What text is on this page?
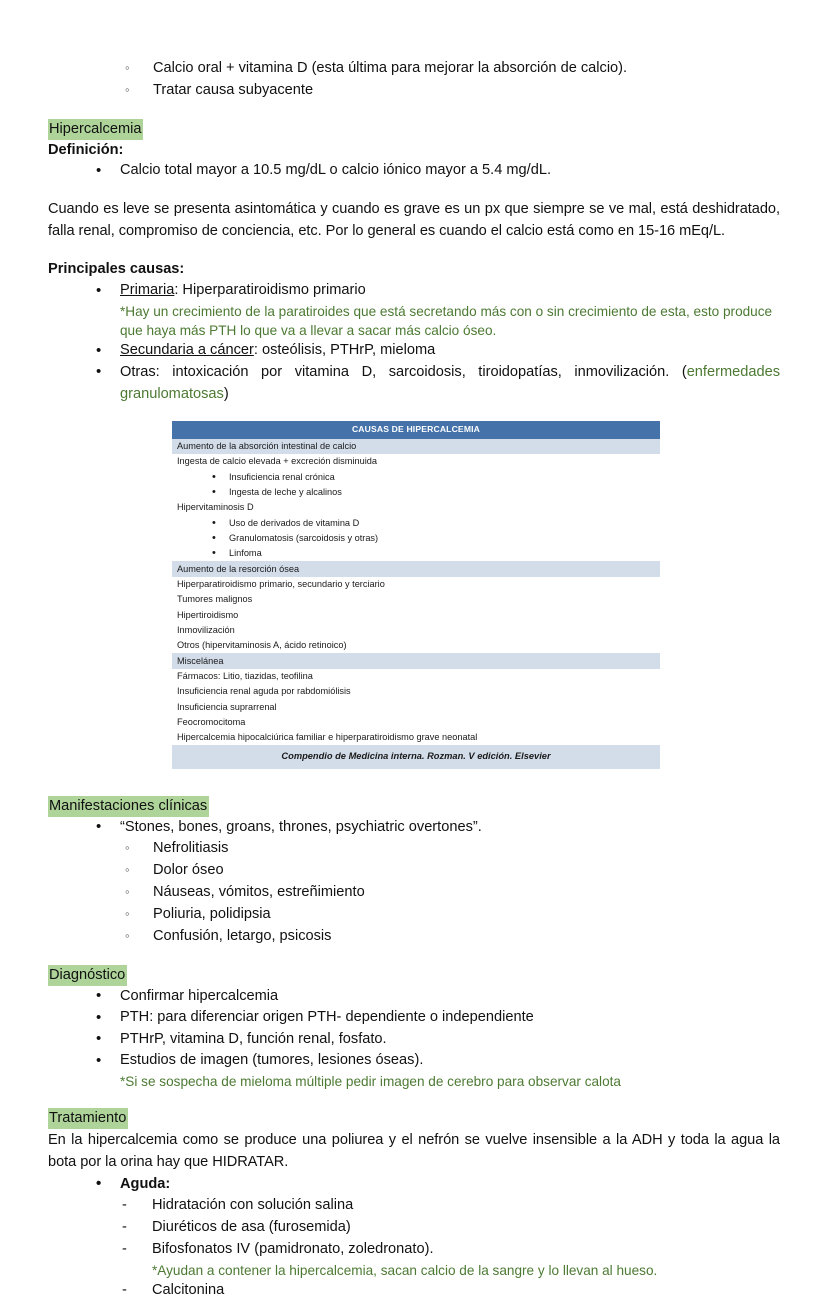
◦ Calcio oral + vitamina D (esta última para mejorar la absorción de calcio).
◦ Tratar causa subyacente
Hipercalcemia

Definición:

• Calcio total mayor a 10.5 mg/dL o calcio iónico mayor a 5.4 mg/dL.

Cuando es leve se presenta asintomática y cuando es grave es un px que siempre se ve mal, está deshidratado, falla renal, compromiso de conciencia, etc. Por lo general es cuando el calcio está como en 15-16 mEq/L.

Principales causas:

• Primaria: Hiperparatiroidismo primario
*Hay un crecimiento de la paratiroides que está secretando más con o sin crecimiento de esta, esto produce que haya más PTH lo que va a llevar a sacar más calcio óseo.
• Secundaria a cáncer: osteólisis, PTHrP, mieloma
• Otras: intoxicación por vitamina D, sarcoidosis, tiroidopatías, inmovilización. (enfermedades granulomatosas)
CAUSAS DE HIPERCALCEMIA
Aumento de la absorción intestinal de calcio
Ingesta de calcio elevada + excreción disminuida

• Insuficiencia renal crónica

• Ingesta de leche y alcalinos

Hipervitaminosis D

• Uso de derivados de vitamina D

• Granulomatosis (sarcoidosis y otras)

• Linfoma

Aumento de la resorción ósea
Hiperparatiroidismo primario, secundario y terciario
Tumores malignos
Hipertiroidismo
Inmovilización
Otros (hipervitaminosis A, ácido retinoico)
Miscelánea
Fármacos: Litio, tiazidas, teofilina
Insuficiencia renal aguda por rabdomiólisis
Insuficiencia suprarrenal
Feocromocitoma
Hipercalcemia hipocalciúrica familiar e hiperparatiroidismo grave neonatal
Compendio de Medicina interna. Rozman. V edición. Elsevier
Manifestaciones clínicas
• “Stones, bones, groans, thrones, psychiatric overtones”.
◦ Nefrolitiasis
◦ Dolor óseo
◦ Náuseas, vómitos, estreñimiento
◦ Poliuria, polidipsia
◦ Confusión, letargo, psicosis
Diagnóstico
• Confirmar hipercalcemia
• PTH: para diferenciar origen PTH- dependiente o independiente
• PTHrP, vitamina D, función renal, fosfato.
• Estudios de imagen (tumores, lesiones óseas).
*Si se sospecha de mieloma múltiple pedir imagen de cerebro para observar calota
Tratamiento

En la hipercalcemia como se produce una poliurea y el nefrón se vuelve insensible a la ADH y toda la agua la bota por la orina hay que HIDRATAR.

• Aguda:
- Hidratación con solución salina
- Diuréticos de asa (furosemida)
- Bifosfonatos IV (pamidronato, zoledronato).
*Ayudan a contener la hipercalcemia, sacan calcio de la sangre y lo llevan al hueso.
- Calcitonina
